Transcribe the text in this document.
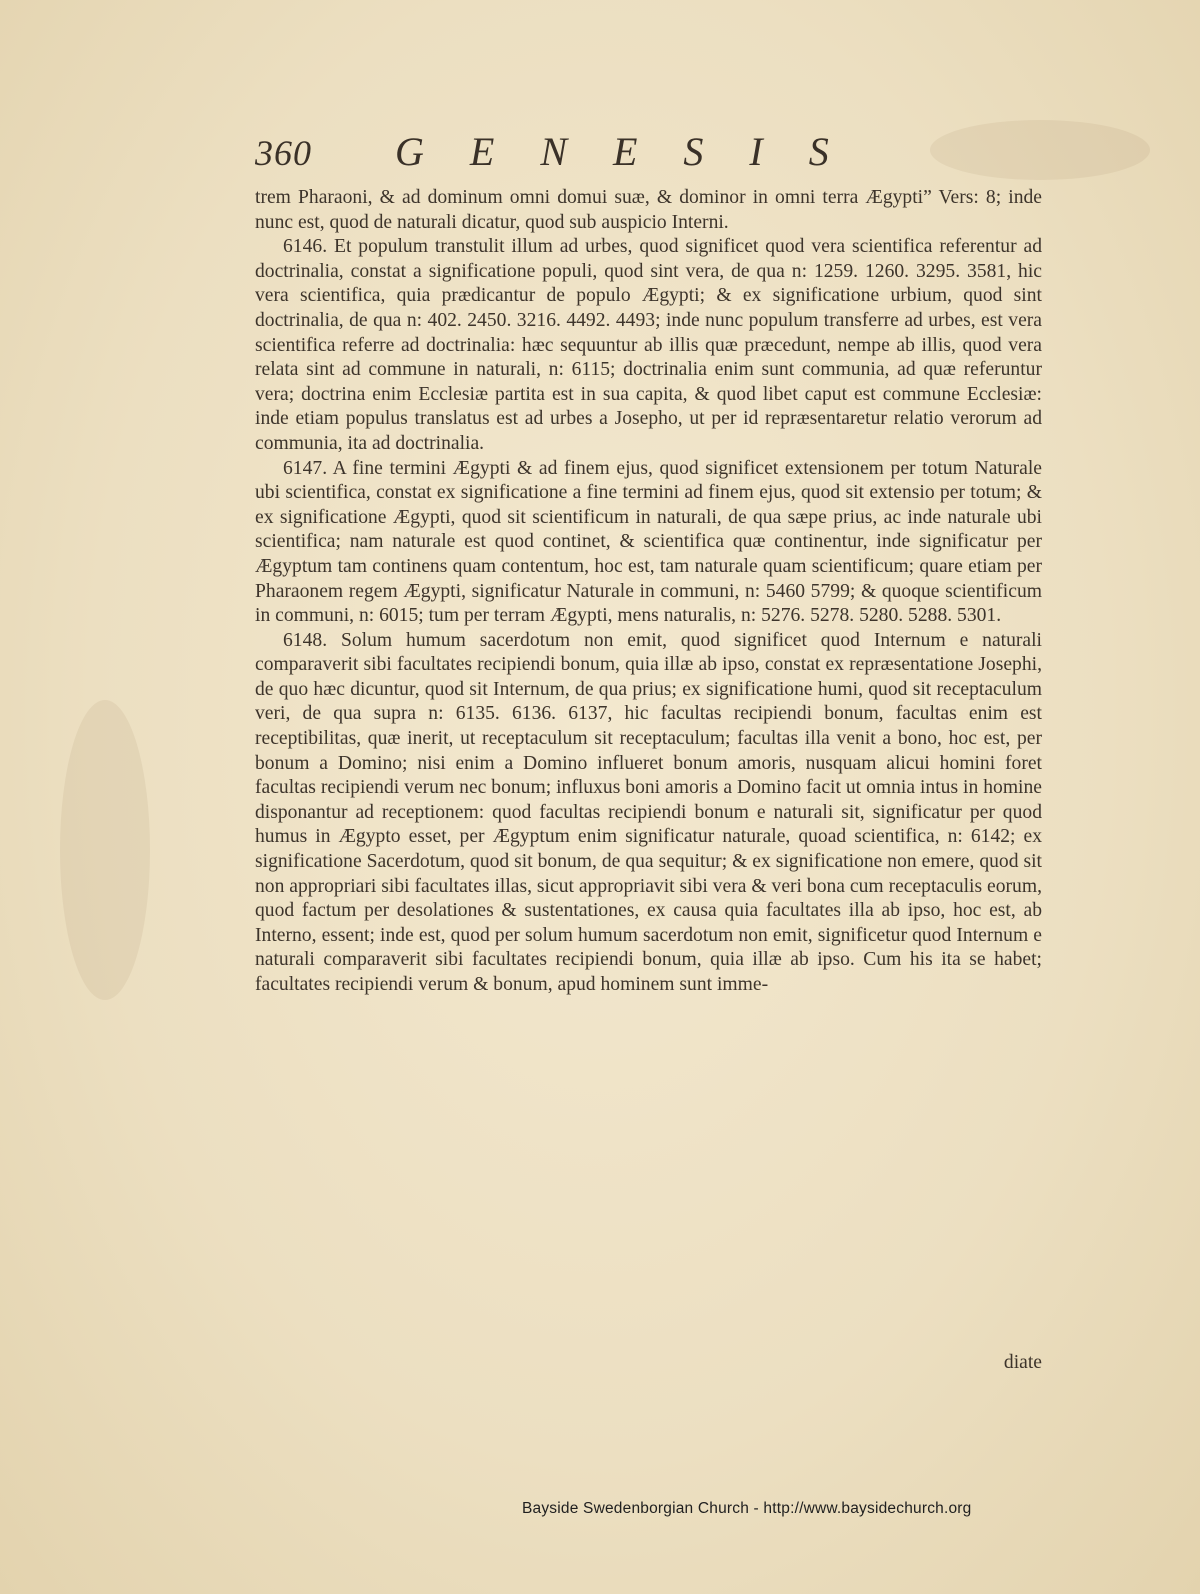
360 GENESIS

trem Pharaoni, & ad dominum omni domui suæ, & dominor in omni terra Ægypti” Vers: 8; inde nunc est, quod de naturali dicatur, quod sub auspicio Interni.

6146. Et populum transtulit illum ad urbes, quod significet quod vera scientifica referentur ad doctrinalia, constat a significatione populi, quod sint vera, de qua n: 1259. 1260. 3295. 3581, hic vera scientifica, quia prædicantur de populo Ægypti; & ex significatione urbium, quod sint doctrinalia, de qua n: 402. 2450. 3216. 4492. 4493; inde nunc populum transferre ad urbes, est vera scientifica referre ad doctrinalia: hæc sequuntur ab illis quæ præcedunt, nempe ab illis, quod vera relata sint ad commune in naturali, n: 6115; doctrinalia enim sunt communia, ad quæ referuntur vera; doctrina enim Ecclesiæ partita est in sua capita, & quod libet caput est commune Ecclesiæ: inde etiam populus translatus est ad urbes a Josepho, ut per id repræsentaretur relatio verorum ad communia, ita ad doctrinalia.

6147. A fine termini Ægypti & ad finem ejus, quod significet extensionem per totum Naturale ubi scientifica, constat ex significatione a fine termini ad finem ejus, quod sit extensio per totum; & ex significatione Ægypti, quod sit scientificum in naturali, de qua sæpe prius, ac inde naturale ubi scientifica; nam naturale est quod continet, & scientifica quæ continentur, inde significatur per Ægyptum tam continens quam contentum, hoc est, tam naturale quam scientificum; quare etiam per Pharaonem regem Ægypti, significatur Naturale in communi, n: 5460 5799; & quoque scientificum in communi, n: 6015; tum per terram Ægypti, mens naturalis, n: 5276. 5278. 5280. 5288. 5301.

6148. Solum humum sacerdotum non emit, quod significet quod Internum e naturali comparaverit sibi facultates recipiendi bonum, quia illæ ab ipso, constat ex repræsentatione Josephi, de quo hæc dicuntur, quod sit Internum, de qua prius; ex significatione humi, quod sit receptaculum veri, de qua supra n: 6135. 6136. 6137, hic facultas recipiendi bonum, facultas enim est receptibilitas, quæ inerit, ut receptaculum sit receptaculum; facultas illa venit a bono, hoc est, per bonum a Domino; nisi enim a Domino influeret bonum amoris, nusquam alicui homini foret facultas recipiendi verum nec bonum; influxus boni amoris a Domino facit ut omnia intus in homine disponantur ad receptionem: quod facultas recipiendi bonum e naturali sit, significatur per quod humus in Ægypto esset, per Ægyptum enim significatur naturale, quoad scientifica, n: 6142; ex significatione Sacerdotum, quod sit bonum, de qua sequitur; & ex significatione non emere, quod sit non appropriari sibi facultates illas, sicut appropriavit sibi vera & veri bona cum receptaculis eorum, quod factum per desolationes & sustentationes, ex causa quia facultates illa ab ipso, hoc est, ab Interno, essent; inde est, quod per solum humum sacerdotum non emit, significetur quod Internum e naturali comparaverit sibi facultates recipiendi bonum, quia illæ ab ipso. Cum his ita se habet; facultates recipiendi verum & bonum, apud hominem sunt imme-

diate
Bayside Swedenborgian Church - http://www.baysidechurch.org
